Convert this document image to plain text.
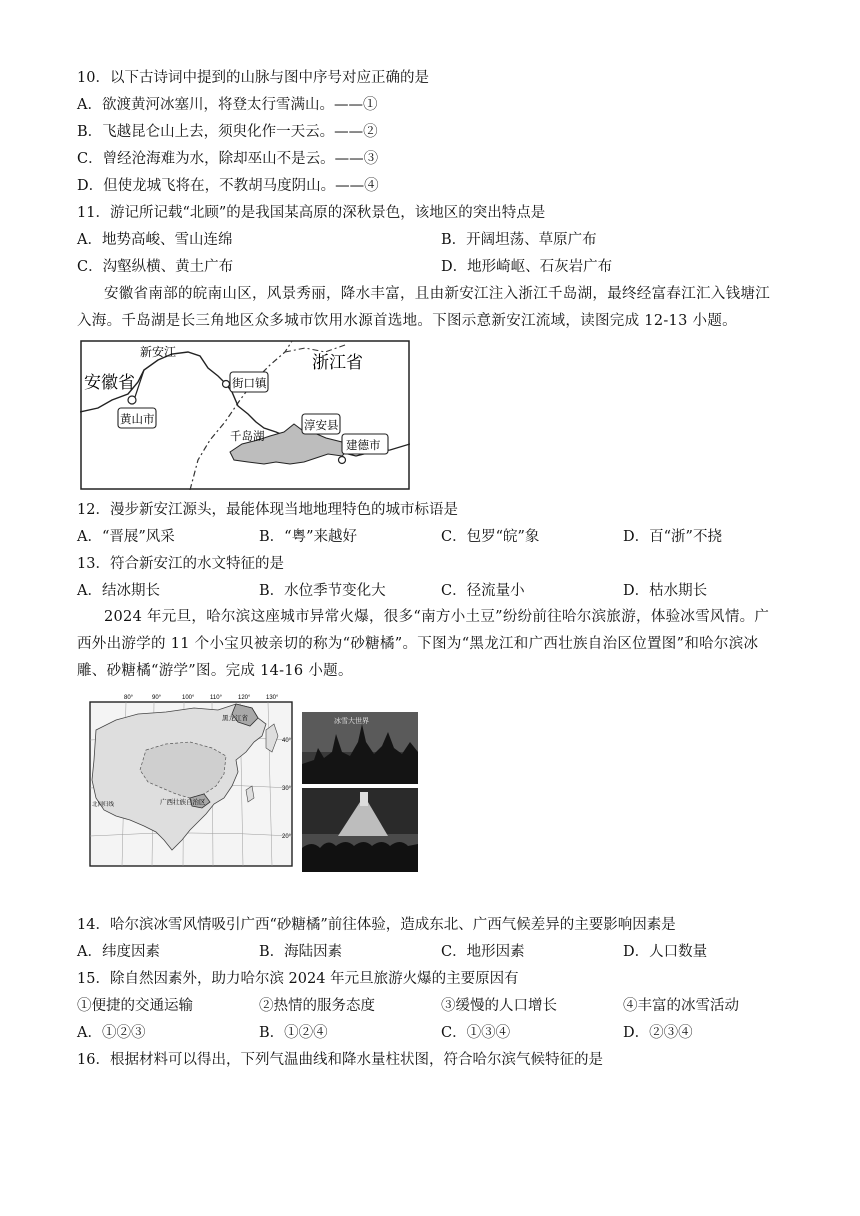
10．以下古诗词中提到的山脉与图中序号对应正确的是
A．欲渡黄河冰塞川，将登太行雪满山。——①
B．飞越昆仑山上去，须臾化作一天云。——②
C．曾经沧海难为水，除却巫山不是云。——③
D．但使龙城飞将在，不教胡马度阴山。——④
11．游记所记载“北顾”的是我国某高原的深秋景色，该地区的突出特点是
A．地势高峻、雪山连绵	B．开阔坦荡、草原广布
C．沟壑纵横、黄土广布	D．地形崎岖、石灰岩广布
安徽省南部的皖南山区，风景秀丽，降水丰富，且由新安江注入浙江千岛湖，最终经富春江汇入钱塘江入海。千岛湖是长三角地区众多城市饮用水源首选地。下图示意新安江流域，读图完成 12-13 小题。
新安江
安徽省
浙江省
街口镇
黄山市	淳安县
千岛湖
建德市
12．漫步新安江源头，最能体现当地地理特色的城市标语是
A．“晋展”风采	B．“粤”来越好	C．包罗“皖”象	D．百“浙”不挠
13．符合新安江的水文特征的是
A．结冰期长	B．水位季节变化大	C．径流量小	D．枯水期长
2024 年元旦，哈尔滨这座城市异常火爆，很多“南方小土豆”纷纷前往哈尔滨旅游，体验冰雪风情。广西外出游学的 11 个小宝贝被亲切的称为“砂糖橘”。下图为“黑龙江和广西壮族自治区位置图”和哈尔滨冰雕、砂糖橘“游学”图。完成 14-16 小题。
80°	90°	100°	110°	120°	130°
40°
30°
20°
黑龙江省
广西壮族自治区
北回归线
冰雪大世界
14．哈尔滨冰雪风情吸引广西“砂糖橘”前往体验，造成东北、广西气候差异的主要影响因素是
A．纬度因素	B．海陆因素	C．地形因素	D．人口数量
15．除自然因素外，助力哈尔滨 2024 年元旦旅游火爆的主要原因有
①便捷的交通运输	②热情的服务态度	③缓慢的人口增长	④丰富的冰雪活动
A．①②③	B．①②④	C．①③④	D．②③④
16．根据材料可以得出，下列气温曲线和降水量柱状图，符合哈尔滨气候特征的是
